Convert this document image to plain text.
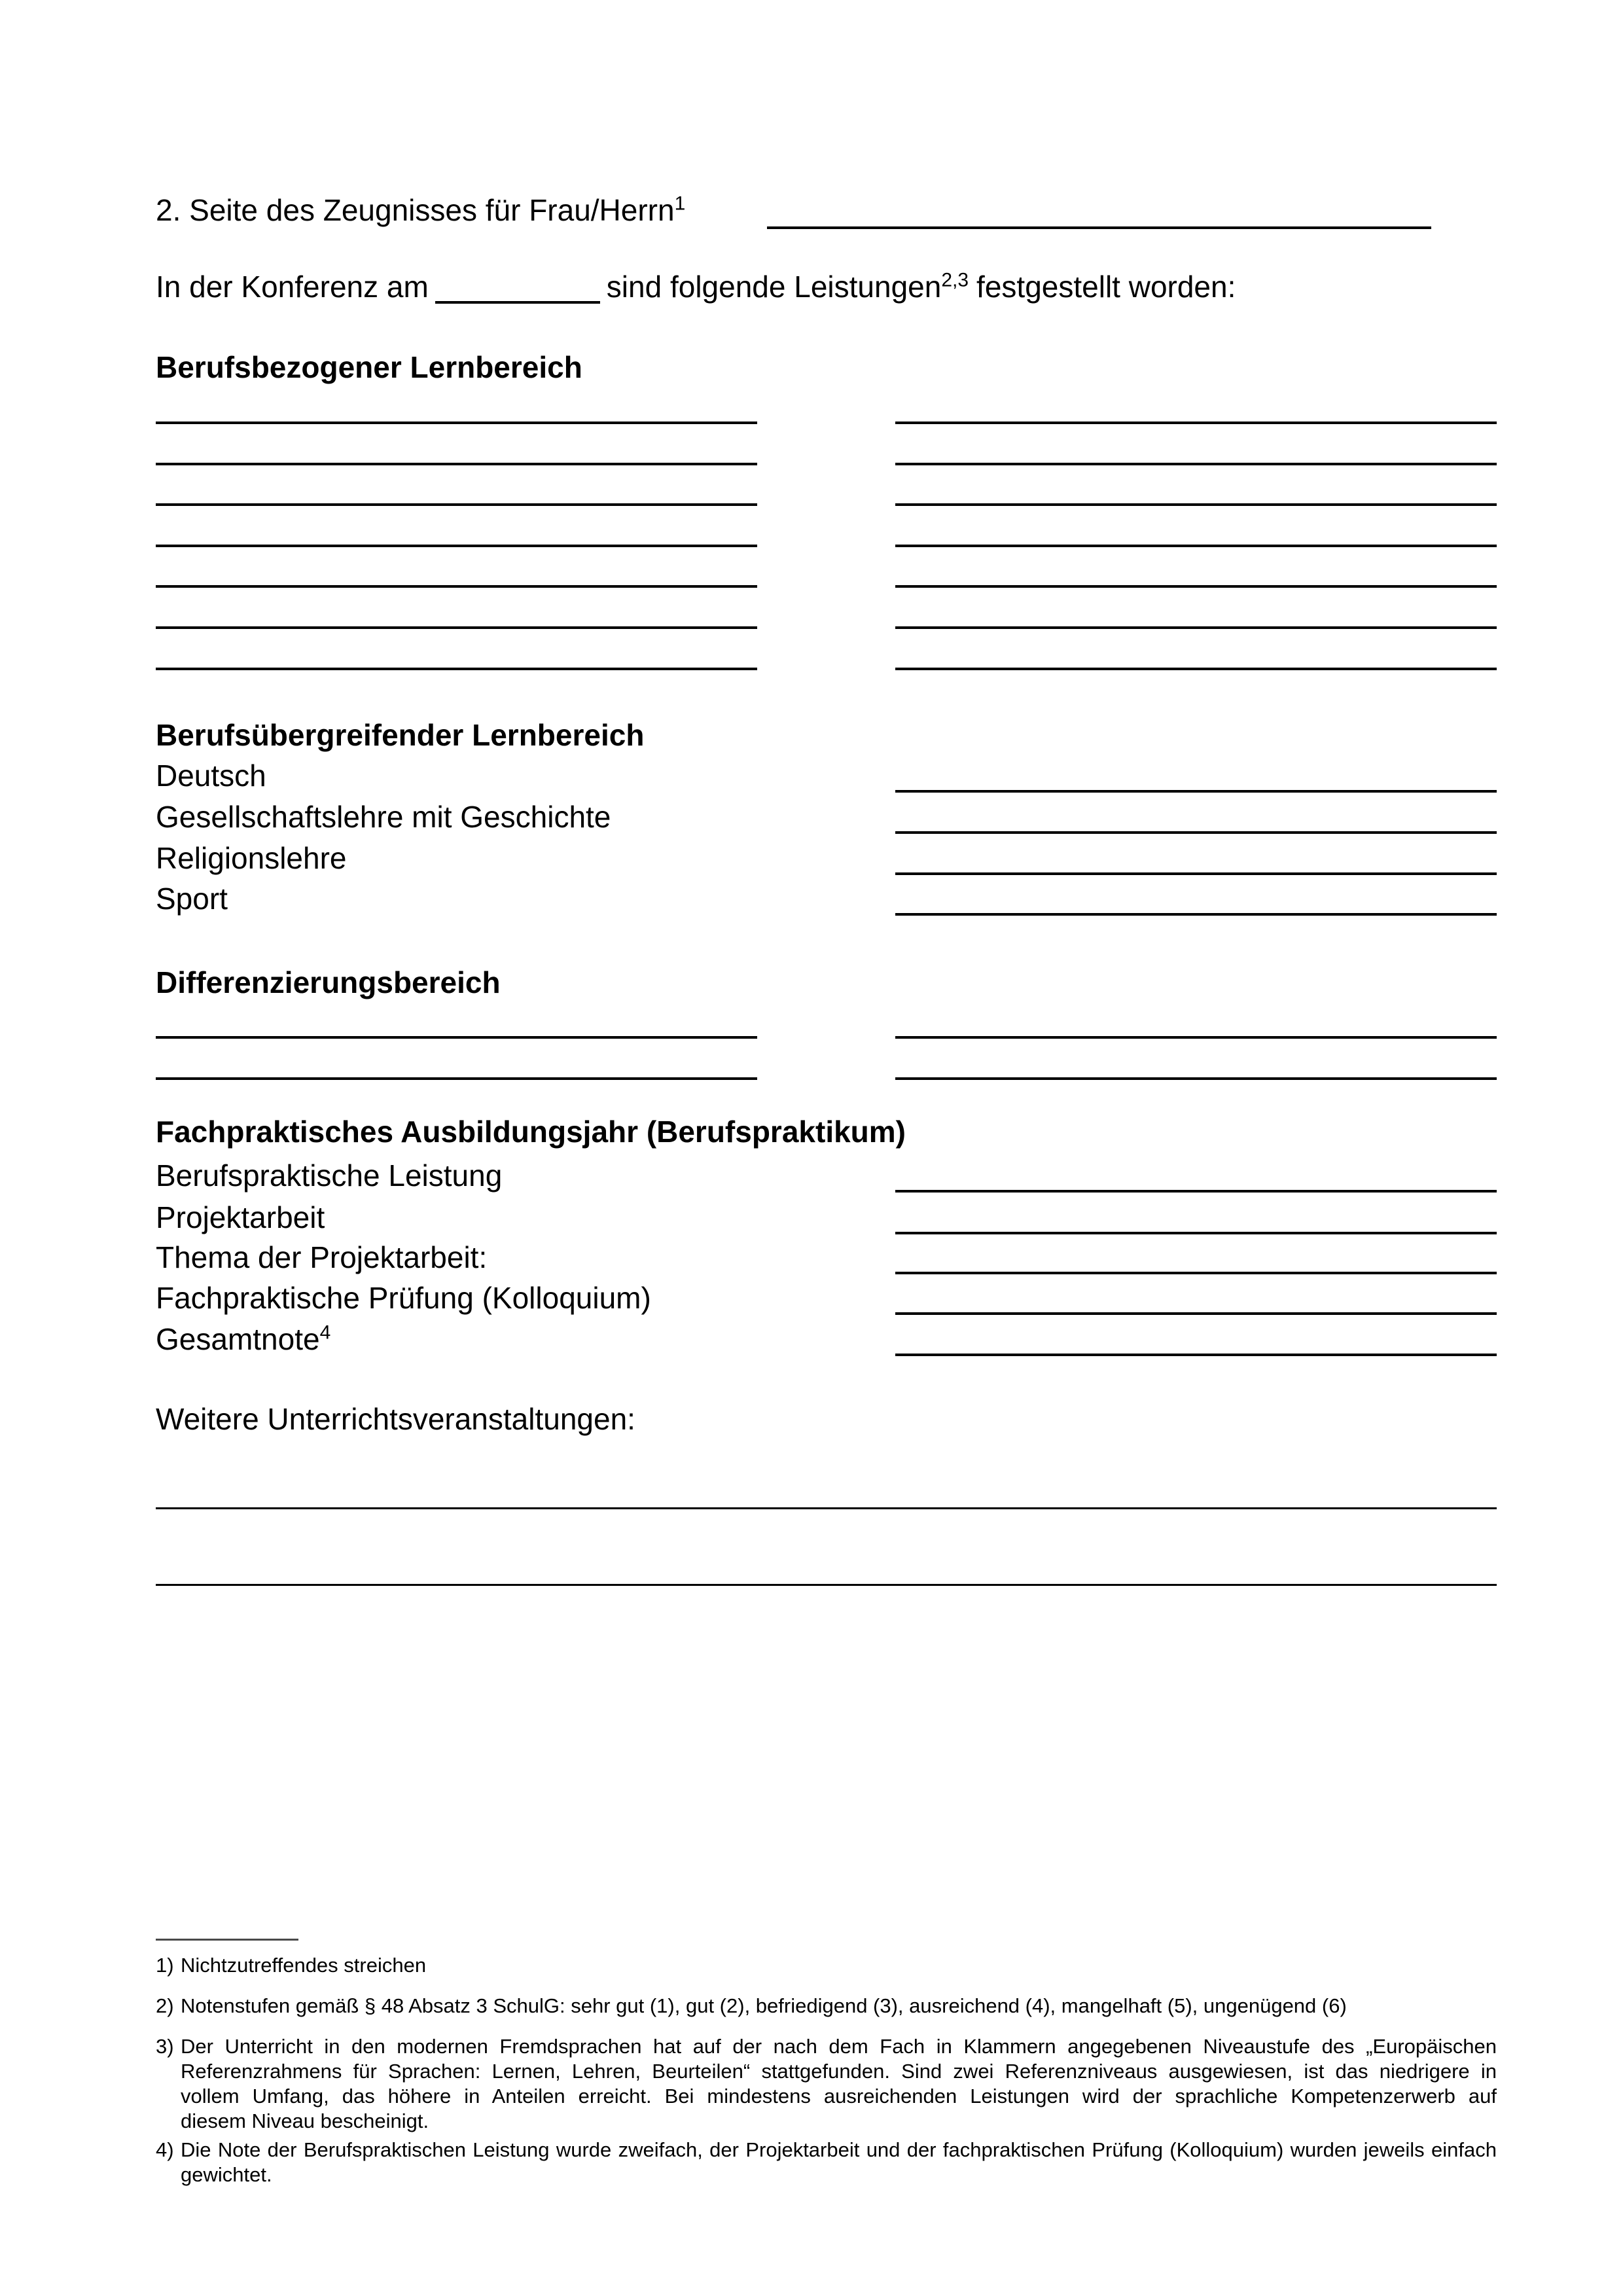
2. Seite des Zeugnisses für Frau/Herrn$^1$
In der Konferenz am	sind folgende Leistungen$^{2,3}$ festgestellt worden:
Berufsbezogener Lernbereich
Berufsübergreifender Lernbereich
Deutsch
Gesellschaftslehre mit Geschichte
Religionslehre
Sport
Differenzierungsbereich
Fachpraktisches Ausbildungsjahr (Berufspraktikum)
Berufspraktische Leistung
Projektarbeit
Thema der Projektarbeit:
Fachpraktische Prüfung (Kolloquium)
Gesamtnote$^4$
Weitere Unterrichtsveranstaltungen:
1) Nichtzutreffendes streichen
2) Notenstufen gemäß § 48 Absatz 3 SchulG: sehr gut (1), gut (2), befriedigend (3), ausreichend (4), mangelhaft (5), ungenügend (6)
3) Der Unterricht in den modernen Fremdsprachen hat auf der nach dem Fach in Klammern angegebenen Niveaustufe des „Europäischen
Referenzrahmens für Sprachen: Lernen, Lehren, Beurteilen“ stattgefunden. Sind zwei Referenzniveaus ausgewiesen, ist das niedrigere in
vollem Umfang, das höhere in Anteilen erreicht. Bei mindestens ausreichenden Leistungen wird der sprachliche Kompetenzerwerb auf
diesem Niveau bescheinigt.
4) Die Note der Berufspraktischen Leistung wurde zweifach, der Projektarbeit und der fachpraktischen Prüfung (Kolloquium) wurden jeweils einfach
gewichtet.
